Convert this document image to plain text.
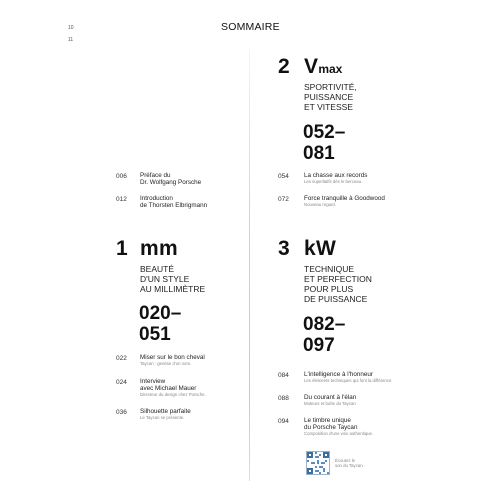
10
11
SOMMAIRE
006 Préface du
Dr. Wolfgang Porsche
012 Introduction
de Thorsten Elbrigmann
1 mm
BEAUTÉ
D'UN STYLE
AU MILLIMÈTRE
020–
051
022 Miser sur le bon cheval
Taycan : genèse d'un nom.
024 Interview
avec Michael Mauer
Directeur du design chez Porsche.
036 Silhouette parfaite
Le Taycan se présente.
2 Vmax
SPORTIVITÉ,
PUISSANCE
ET VITESSE
052–
081
054 La chasse aux records
Les superlatifs dès le berceau.
072 Force tranquille à Goodwood
Nouveau regard.
3 kW
TECHNIQUE
ET PERFECTION
POUR PLUS
DE PUISSANCE
082–
097
084 L'intelligence à l'honneur
Les éléments techniques qui font la différence.
088 Du courant à l'élan
Moteurs et boîte du Taycan
094 Le timbre unique
du Porsche Taycan
Composition d'une voix authentique.
Écoutez le
son du Taycan
